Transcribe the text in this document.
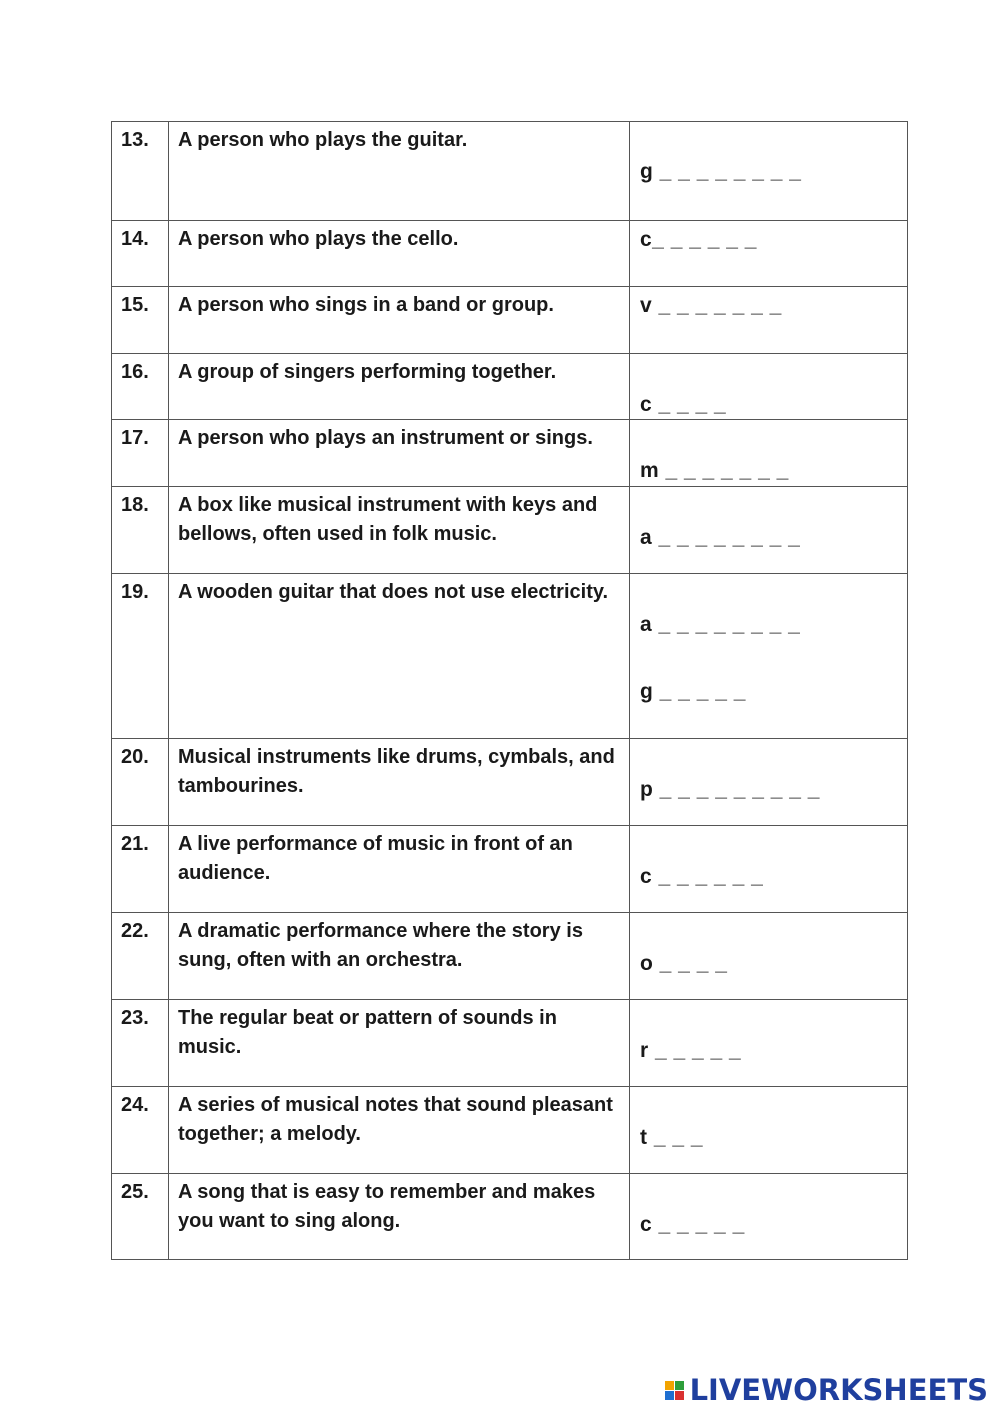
13.	A person who plays the guitar.	g _ _ _ _ _ _ _ _

14.	A person who plays the cello.	c_ _ _ _ _ _

15.	A person who sings in a band or group.	v _ _ _ _ _ _ _

16.	A group of singers performing together.	c _ _ _ _

17.	A person who plays an instrument or sings.	m _ _ _ _ _ _ _

18.	A box like musical instrument with keys and bellows, often used in folk music.	a _ _ _ _ _ _ _ _

19.	A wooden guitar that does not use electricity.	a _ _ _ _ _ _ _ _
g _ _ _ _ _

20.	Musical instruments like drums, cymbals, and tambourines.	p _ _ _ _ _ _ _ _ _

21.	A live performance of music in front of an audience.	c _ _ _ _ _ _

22.	A dramatic performance where the story is sung, often with an orchestra.	o _ _ _ _

23.	The regular beat or pattern of sounds in music.	r _ _ _ _ _

24.	A series of musical notes that sound pleasant together; a melody.	t _ _ _

25.	A song that is easy to remember and makes you want to sing along.	c _ _ _ _ _
LIVEWORKSHEETS
